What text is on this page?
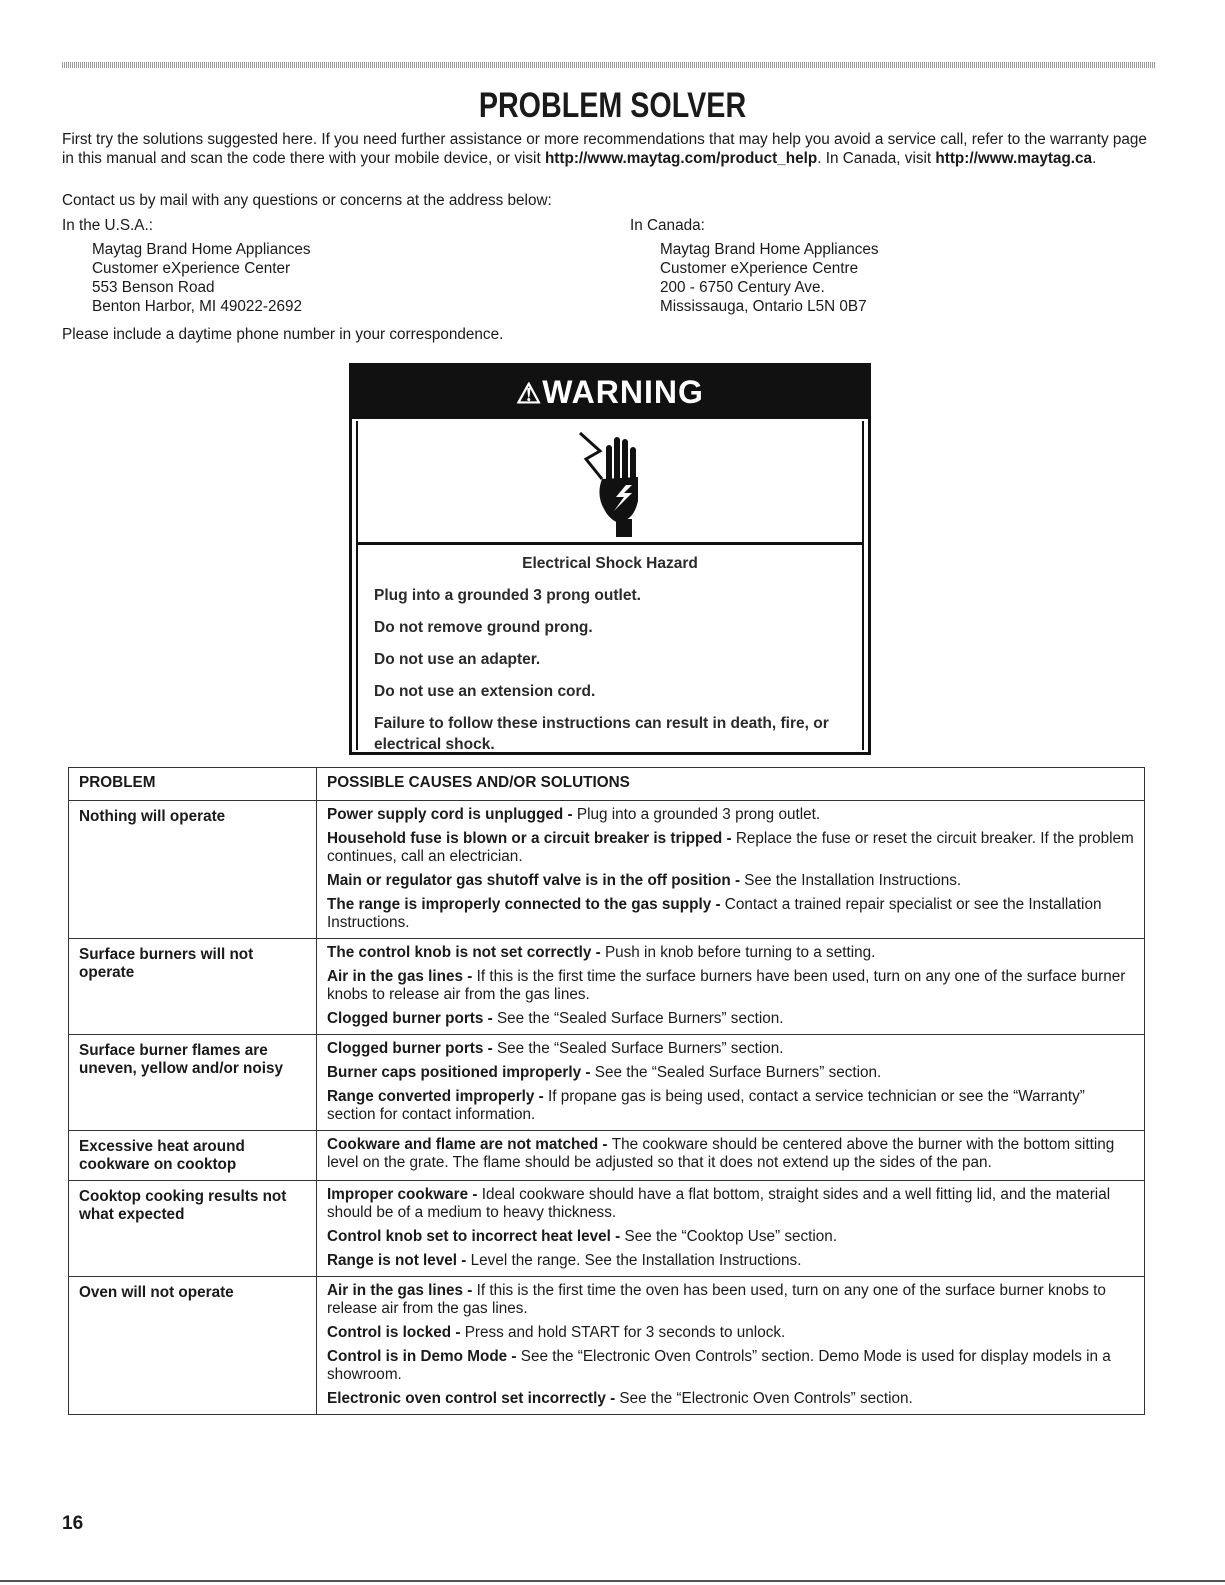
PROBLEM SOLVER

First try the solutions suggested here. If you need further assistance or more recommendations that may help you avoid a service call, refer to the warranty page in this manual and scan the code there with your mobile device, or visit http://www.maytag.com/product_help. In Canada, visit http://www.maytag.ca.

Contact us by mail with any questions or concerns at the address below:

In the U.S.A.:
Maytag Brand Home Appliances
Customer eXperience Center
553 Benson Road
Benton Harbor, MI 49022-2692
In Canada:
Maytag Brand Home Appliances
Customer eXperience Centre
200 - 6750 Century Ave.
Mississauga, Ontario L5N 0B7

Please include a daytime phone number in your correspondence.

⚠WARNING
Electrical Shock Hazard
Plug into a grounded 3 prong outlet.
Do not remove ground prong.
Do not use an adapter.
Do not use an extension cord.
Failure to follow these instructions can result in death, fire, or electrical shock.
PROBLEM	POSSIBLE CAUSES AND/OR SOLUTIONS
Nothing will operate	Power supply cord is unplugged - Plug into a grounded 3 prong outlet.
Household fuse is blown or a circuit breaker is tripped - Replace the fuse or reset the circuit breaker. If the problem continues, call an electrician.
Main or regulator gas shutoff valve is in the off position - See the Installation Instructions.
The range is improperly connected to the gas supply - Contact a trained repair specialist or see the Installation Instructions.

Surface burners will not operate	The control knob is not set correctly - Push in knob before turning to a setting.
Air in the gas lines - If this is the first time the surface burners have been used, turn on any one of the surface burner knobs to release air from the gas lines.
Clogged burner ports - See the “Sealed Surface Burners” section.

Surface burner flames are uneven, yellow and/or noisy	Clogged burner ports - See the “Sealed Surface Burners” section.
Burner caps positioned improperly - See the “Sealed Surface Burners” section.
Range converted improperly - If propane gas is being used, contact a service technician or see the “Warranty” section for contact information.

Excessive heat around cookware on cooktop	Cookware and flame are not matched - The cookware should be centered above the burner with the bottom sitting level on the grate. The flame should be adjusted so that it does not extend up the sides of the pan.

Cooktop cooking results not what expected	Improper cookware - Ideal cookware should have a flat bottom, straight sides and a well fitting lid, and the material should be of a medium to heavy thickness.
Control knob set to incorrect heat level - See the “Cooktop Use” section.
Range is not level - Level the range. See the Installation Instructions.

Oven will not operate	Air in the gas lines - If this is the first time the oven has been used, turn on any one of the surface burner knobs to release air from the gas lines.
Control is locked - Press and hold START for 3 seconds to unlock.
Control is in Demo Mode - See the “Electronic Oven Controls” section. Demo Mode is used for display models in a showroom.
Electronic oven control set incorrectly - See the “Electronic Oven Controls” section.
16
